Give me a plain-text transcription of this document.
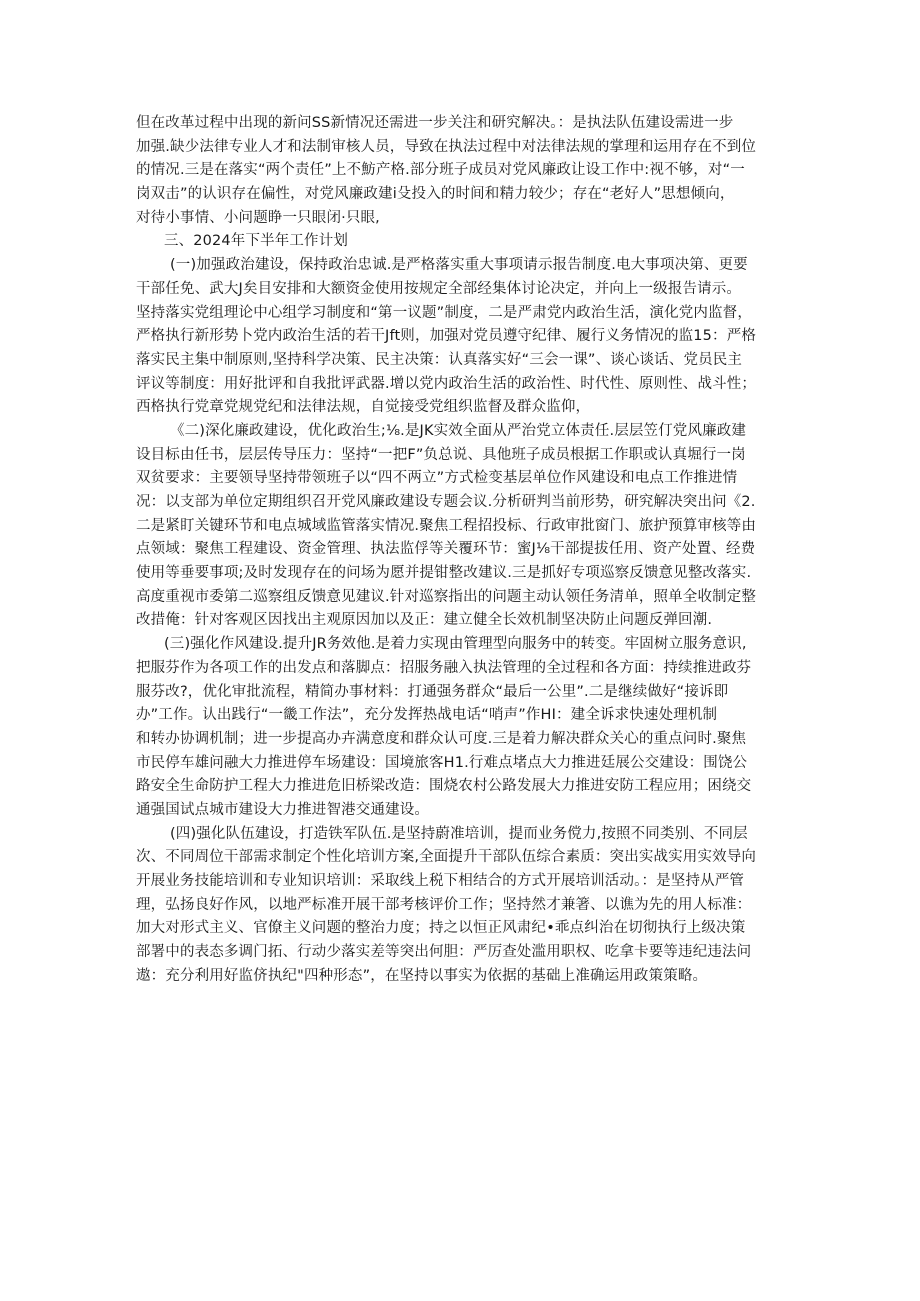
但在改革过程中出现的新问SS新情况还需进一步关注和研究解决。：是执法队伍建设需进一步
加强.缺少法律专业人才和法制审核人员，导致在执法过程中对法律法规的掌理和运用存在不到位
的情况.三是在落实“两个责任”上不魴产格.部分班子成员对党风廉政让设工作中:视不够，对“一
岗双击”的认识存在偏性，对党风廉政建i殳投入的时间和精力较少；存在“老好人”思想倾向，
对待小事情、小问题睁一只眼闭·只眼,
三、2024年下半年工作计划
(一)加强政治建设，保持政治忠诚.是严格落实重大事项请示报告制度.电大事项决第、更要
干部任免、武大J矣目安排和大额资金使用按规定全部经集体讨论决定，并向上一级报告请示。
坚持落实党组理论中心组学习制度和“第一议题”制度，二是严肃党内政治生活，演化党内监督，
严格执行新形势卜党内政治生活的若干Jft则，加强对党员遵守纪律、履行义务情况的监15：严格
落实民主集中制原则,坚持科学决策、民主决策：认真落实好“三会一课”、谈心谈话、党员民主
评议等制度：用好批评和自我批评武器.增以党内政治生活的政治性、时代性、原则性、战斗性；
西格执行党章党规党纪和法律法规，自觉接受党组织监督及群众监仰，
《二)深化廉政建设，优化政治生;⅛.是JK实效全面从严治党立体责任.层层笠仃党风廉政建
设目标由任书，层层传导压力：坚持“一把F”负总说、具他班子成员根据工作职或认真堀行一岗
双贫要求：主要领导坚持带领班子以“四不两立”方式检变基层单位作风建设和电点工作推进情
况：以支部为单位定期组织召开党风廉政建设专题会议.分析研判当前形势，研究解决突出问《2.
二是紧盯关键环节和电点城域监管落实情况.聚焦工程招投标、行政审批窗门、旅护预算审核等由
点领域：聚焦工程建设、资金管理、执法监俘等关覆环节：蜜J⅛干部提拔任用、资产处置、经费
使用等垂要事项;及时发现存在的问场为愿并提钳整改建议.三是抓好专项巡察反馈意见整改落实.
高度重视市委第二巡察组反馈意见建议.针对巡察指出的问题主动认领任务清单，照单全收制定整
改措俺：针对客观区因找出主观原因加以及正：建立健全长效机制坚决防止问题反弹回潮.
(三)强化作风建设.提升JR务效他.是着力实现由管理型向服务中的转变。牢固树立服务意识,
把服芬作为各项工作的出发点和落脚点：招服务融入执法管理的全过程和各方面：持续推进政芬
服芬改?，优化审批流程，精简办事材料：打通强务群众“最后一公里”.二是继续做好“接诉即
办”工作。认出践行“一畿工作法”，充分发挥热战电话“哨声”作HI：建全诉求快速处理机制
和转办协调机制；进一步提高办卉满意度和群众认可度.三是着力解决群众关心的重点问时.聚焦
市民停车雄问融大力推进停车场建设：国境旅客H1.行难点堵点大力推进廷展公交建设：围饶公
路安全生命防护工程大力推进危旧桥梁改造：围烧农村公路发展大力推进安防工程应用；困绕交
通强国试点城市建设大力推进智港交通建设。
(四)强化队伍建设，打造铁军队伍.是坚持蔚准培训，提而业务傥力,按照不同类别、不同层
次、不同周位干部需求制定个性化培训方案,全面提升干部队伍综合素质：突出实战实用实效导向
开展业务技能培训和专业知识培训：采取线上税下相结合的方式开展培训活动。：是坚持从严管
理，弘扬良好作风，以地严标准开展干部考核评价工作；坚持然才兼箸、以谯为先的用人标准：
加大对形式主义、官僚主义问题的整治力度；持之以恒正风肃纪•乖点纠治在切彻执行上级决策
部署中的表态多调门拓、行动少落实差等突出何胆：严厉查处滥用职权、吃拿卡要等违纪违法问
遨：充分利用好监侪执纪"四种形态”，在坚持以事实为依据的基础上准确运用政策策略。
